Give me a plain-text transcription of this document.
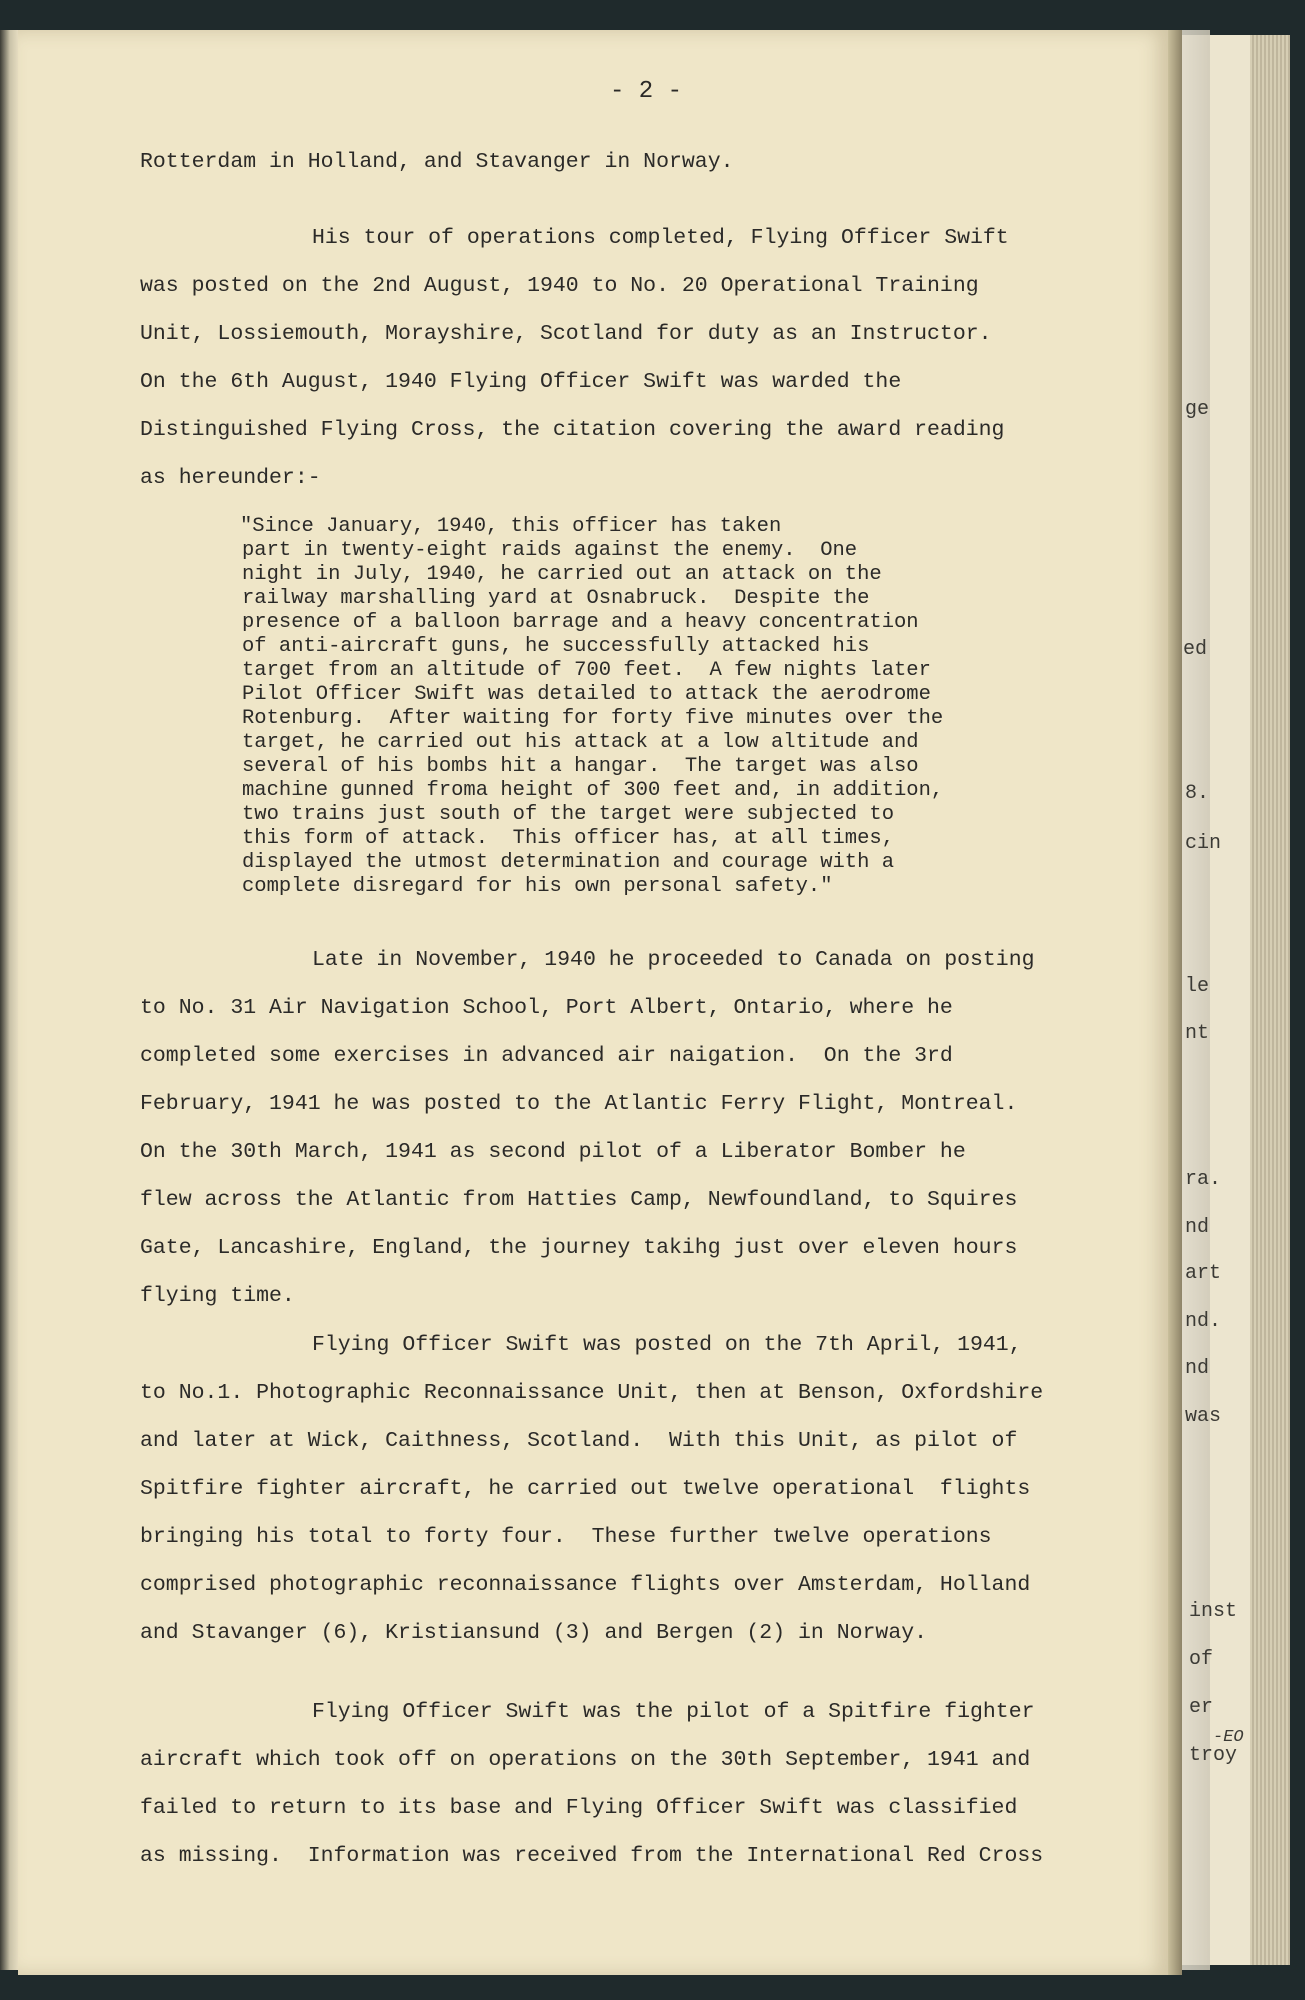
ge
ed
8.
cin
le
nt
ra.
nd
art
nd.
nd
was
inst
of
er
-EO
troy
- 2 -
Rotterdam in Holland, and Stavanger in Norway.
His tour of operations completed, Flying Officer Swift
was posted on the 2nd August, 1940 to No. 20 Operational Training
Unit, Lossiemouth, Morayshire, Scotland for duty as an Instructor.
On the 6th August, 1940 Flying Officer Swift was warded the
Distinguished Flying Cross, the citation covering the award reading
as hereunder:-
"Since January, 1940, this officer has taken
part in twenty-eight raids against the enemy.  One
night in July, 1940, he carried out an attack on the
railway marshalling yard at Osnabruck.  Despite the
presence of a balloon barrage and a heavy concentration
of anti-aircraft guns, he successfully attacked his
target from an altitude of 700 feet.  A few nights later
Pilot Officer Swift was detailed to attack the aerodrome
Rotenburg.  After waiting for forty five minutes over the
target, he carried out his attack at a low altitude and
several of his bombs hit a hangar.  The target was also
machine gunned froma height of 300 feet and, in addition,
two trains just south of the target were subjected to
this form of attack.  This officer has, at all times,
displayed the utmost determination and courage with a
complete disregard for his own personal safety."
Late in November, 1940 he proceeded to Canada on posting
to No. 31 Air Navigation School, Port Albert, Ontario, where he
completed some exercises in advanced air naigation.  On the 3rd
February, 1941 he was posted to the Atlantic Ferry Flight, Montreal.
On the 30th March, 1941 as second pilot of a Liberator Bomber he
flew across the Atlantic from Hatties Camp, Newfoundland, to Squires
Gate, Lancashire, England, the journey takihg just over eleven hours
flying time.
Flying Officer Swift was posted on the 7th April, 1941,
to No.1. Photographic Reconnaissance Unit, then at Benson, Oxfordshire
and later at Wick, Caithness, Scotland.  With this Unit, as pilot of
Spitfire fighter aircraft, he carried out twelve operational  flights
bringing his total to forty four.  These further twelve operations
comprised photographic reconnaissance flights over Amsterdam, Holland
and Stavanger (6), Kristiansund (3) and Bergen (2) in Norway.
Flying Officer Swift was the pilot of a Spitfire fighter
aircraft which took off on operations on the 30th September, 1941 and
failed to return to its base and Flying Officer Swift was classified
as missing.  Information was received from the International Red Cross
